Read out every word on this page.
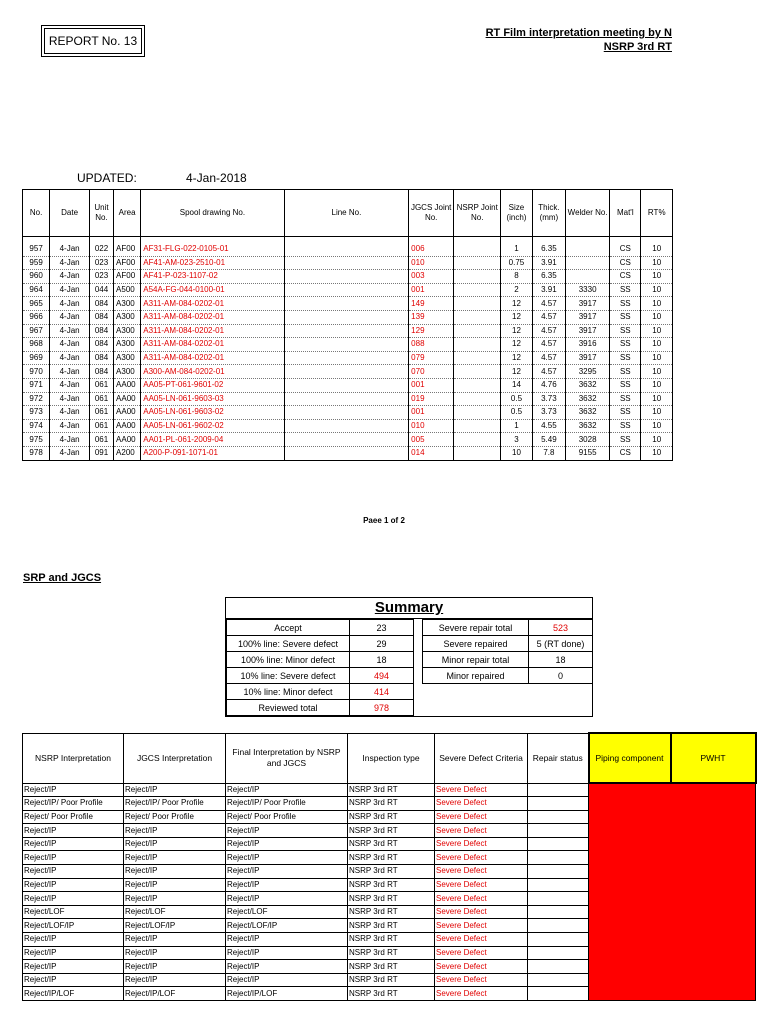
REPORT No. 13
RT Film interpretation meeting by N
NSRP 3rd RT
UPDATED:	4-Jan-2018
No.	Date	Unit No.	Area	Spool drawing No.	Line No.	JGCS Joint No.	NSRP Joint No.	Size (inch)	Thick. (mm)	Welder No.	Mat'l	RT%

957	4-Jan	022	AF00	AF31-FLG-022-0105-01		006		1	6.35		CS	10
959	4-Jan	023	AF00	AF41-AM-023-2510-01		010		0.75	3.91		CS	10
960	4-Jan	023	AF00	AF41-P-023-1107-02		003		8	6.35		CS	10
964	4-Jan	044	A500	A54A-FG-044-0100-01		001		2	3.91	3330	SS	10
965	4-Jan	084	A300	A311-AM-084-0202-01		149		12	4.57	3917	SS	10
966	4-Jan	084	A300	A311-AM-084-0202-01		139		12	4.57	3917	SS	10
967	4-Jan	084	A300	A311-AM-084-0202-01		129		12	4.57	3917	SS	10
968	4-Jan	084	A300	A311-AM-084-0202-01		088		12	4.57	3916	SS	10
969	4-Jan	084	A300	A311-AM-084-0202-01		079		12	4.57	3917	SS	10
970	4-Jan	084	A300	A300-AM-084-0202-01		070		12	4.57	3295	SS	10
971	4-Jan	061	AA00	AA05-PT-061-9601-02		001		14	4.76	3632	SS	10
972	4-Jan	061	AA00	AA05-LN-061-9603-03		019		0.5	3.73	3632	SS	10
973	4-Jan	061	AA00	AA05-LN-061-9603-02		001		0.5	3.73	3632	SS	10
974	4-Jan	061	AA00	AA05-LN-061-9602-02		010		1	4.55	3632	SS	10
975	4-Jan	061	AA00	AA01-PL-061-2009-04		005		3	5.49	3028	SS	10
978	4-Jan	091	A200	A200-P-091-1071-01		014		10	7.8	9155	CS	10
Paee 1 of 2
SRP and JGCS
Summary
Accept	23		Severe repair total	523
100% line: Severe defect	29		Severe repaired	5 (RT done)
100% line: Minor defect	18		Minor repair total	18
10% line: Severe defect	494		Minor repaired	0
10% line: Minor defect	414			
Reviewed total	978			
NSRP Interpretation	JGCS Interpretation	Final Interpretation by NSRP and JGCS	Inspection type	Severe Defect Criteria	Repair status	Piping component	PWHT
Reject/IP	Reject/IP	Reject/IP	NSRP 3rd RT	Severe Defect			
Reject/IP/ Poor Profile	Reject/IP/ Poor Profile	Reject/IP/ Poor Profile	NSRP 3rd RT	Severe Defect			
Reject/ Poor Profile	Reject/ Poor Profile	Reject/ Poor Profile	NSRP 3rd RT	Severe Defect			
Reject/IP	Reject/IP	Reject/IP	NSRP 3rd RT	Severe Defect			
Reject/IP	Reject/IP	Reject/IP	NSRP 3rd RT	Severe Defect			
Reject/IP	Reject/IP	Reject/IP	NSRP 3rd RT	Severe Defect			
Reject/IP	Reject/IP	Reject/IP	NSRP 3rd RT	Severe Defect			
Reject/IP	Reject/IP	Reject/IP	NSRP 3rd RT	Severe Defect			
Reject/IP	Reject/IP	Reject/IP	NSRP 3rd RT	Severe Defect			
Reject/LOF	Reject/LOF	Reject/LOF	NSRP 3rd RT	Severe Defect			
Reject/LOF/IP	Reject/LOF/IP	Reject/LOF/IP	NSRP 3rd RT	Severe Defect			
Reject/IP	Reject/IP	Reject/IP	NSRP 3rd RT	Severe Defect			
Reject/IP	Reject/IP	Reject/IP	NSRP 3rd RT	Severe Defect			
Reject/IP	Reject/IP	Reject/IP	NSRP 3rd RT	Severe Defect			
Reject/IP	Reject/IP	Reject/IP	NSRP 3rd RT	Severe Defect			
Reject/IP/LOF	Reject/IP/LOF	Reject/IP/LOF	NSRP 3rd RT	Severe Defect			
